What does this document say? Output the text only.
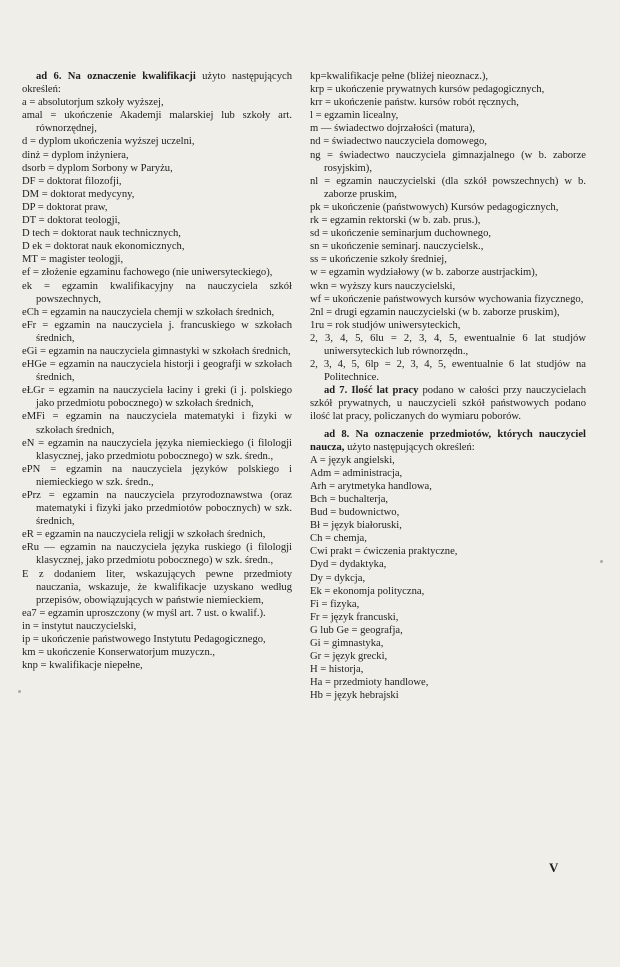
ad 6. Na oznaczenie kwalifikacji użyto następujących określeń:

a = absolutorjum szkoły wyższej,

amal = ukończenie Akademji malarskiej lub szkoły art. równorzędnej,

d = dyplom ukończenia wyższej uczelni,

dinż = dyplom inżyniera,

dsorb = dyplom Sorbony w Paryżu,

DF = doktorat filozofji,

DM = doktorat medycyny,

DP = doktorat praw,

DT = doktorat teologji,

D tech = doktorat nauk technicznych,

D ek = doktorat nauk ekonomicznych,

MT = magister teologji,

ef = złożenie egzaminu fachowego (nie uniwersyteckiego),

ek = egzamin kwalifikacyjny na nauczyciela szkół powszechnych,

eCh = egzamin na nauczyciela chemji w szkołach średnich,

eFr = egzamin na nauczyciela j. francuskiego w szkołach średnich,

eGi = egzamin na nauczyciela gimnastyki w szkołach średnich,

eHGe = egzamin na nauczyciela historji i geografji w szkołach średnich,

eŁGr = egzamin na nauczyciela łaciny i greki (i j. polskiego jako przedmiotu pobocznego) w szkołach średnich,

eMFi = egzamin na nauczyciela matematyki i fizyki w szkołach średnich,

eN = egzamin na nauczyciela języka niemieckiego (i filologji klasycznej, jako przedmiotu pobocznego) w szk. średn.,

ePN = egzamin na nauczyciela języków polskiego i niemieckiego w szk. średn.,

ePrz = egzamin na nauczyciela przyrodoznawstwa (oraz matematyki i fizyki jako przedmiotów pobocznych) w szk. średnich,

eR = egzamin na nauczyciela religji w szkołach średnich,

eRu — egzamin na nauczyciela języka ruskiego (i filologji klasycznej, jako przedmiotu pobocznego) w szk. średn.,

E z dodaniem liter, wskazujących pewne przedmioty nauczania, wskazuje, że kwalifikacje uzyskano według przepisów, obowiązujących w państwie niemieckiem,

ea7 = egzamin uproszczony (w myśl art. 7 ust. o kwalif.).

in = instytut nauczycielski,

ip = ukończenie państwowego Instytutu Pedagogicznego,

km = ukończenie Konserwatorjum muzyczn.,

knp = kwalifikacje niepełne,

kp=kwalifikacje pełne (bliżej nieoznacz.),

krp = ukończenie prywatnych kursów pedagogicznych,

krr = ukończenie państw. kursów robót ręcznych,

l = egzamin licealny,

m — świadectwo dojrzałości (matura),

nd = świadectwo nauczyciela domowego,

ng = świadectwo nauczyciela gimnazjalnego (w b. zaborze rosyjskim),

nl = egzamin nauczycielski (dla szkół powszechnych) w b. zaborze pruskim,

pk = ukończenie (państwowych) Kursów pedagogicznych,

rk = egzamin rektorski (w b. zab. prus.),

sd = ukończenie seminarjum duchownego,

sn = ukończenie seminarj. nauczycielsk.,

ss = ukończenie szkoły średniej,

w = egzamin wydziałowy (w b. zaborze austrjackim),

wkn = wyższy kurs nauczycielski,

wf = ukończenie państwowych kursów wychowania fizycznego,

2nl = drugi egzamin nauczycielski (w b. zaborze pruskim),

1ru = rok studjów uniwersyteckich,

2, 3, 4, 5, 6lu = 2, 3, 4, 5, ewentualnie 6 lat studjów uniwersyteckich lub równorzędn.,

2, 3, 4, 5, 6lp = 2, 3, 4, 5, ewentualnie 6 lat studjów na Politechnice.

ad 7. Ilość lat pracy podano w całości przy nauczycielach szkół prywatnych, u nauczycieli szkół państwowych podano ilość lat pracy, policzanych do wymiaru poborów.

ad 8. Na oznaczenie przedmiotów, których nauczyciel naucza, użyto następujących określeń:

A = język angielski,

Adm = administracja,

Arh = arytmetyka handlowa,

Bch = buchalterja,

Bud = budownictwo,

Bł = język białoruski,

Ch = chemja,

Cwi prakt = ćwiczenia praktyczne,

Dyd = dydaktyka,

Dy = dykcja,

Ek = ekonomja polityczna,

Fi = fizyka,

Fr = język francuski,

G lub Ge = geografja,

Gi = gimnastyka,

Gr = język grecki,

H = historja,

Ha = przedmioty handlowe,

Hb = język hebrajski

V
